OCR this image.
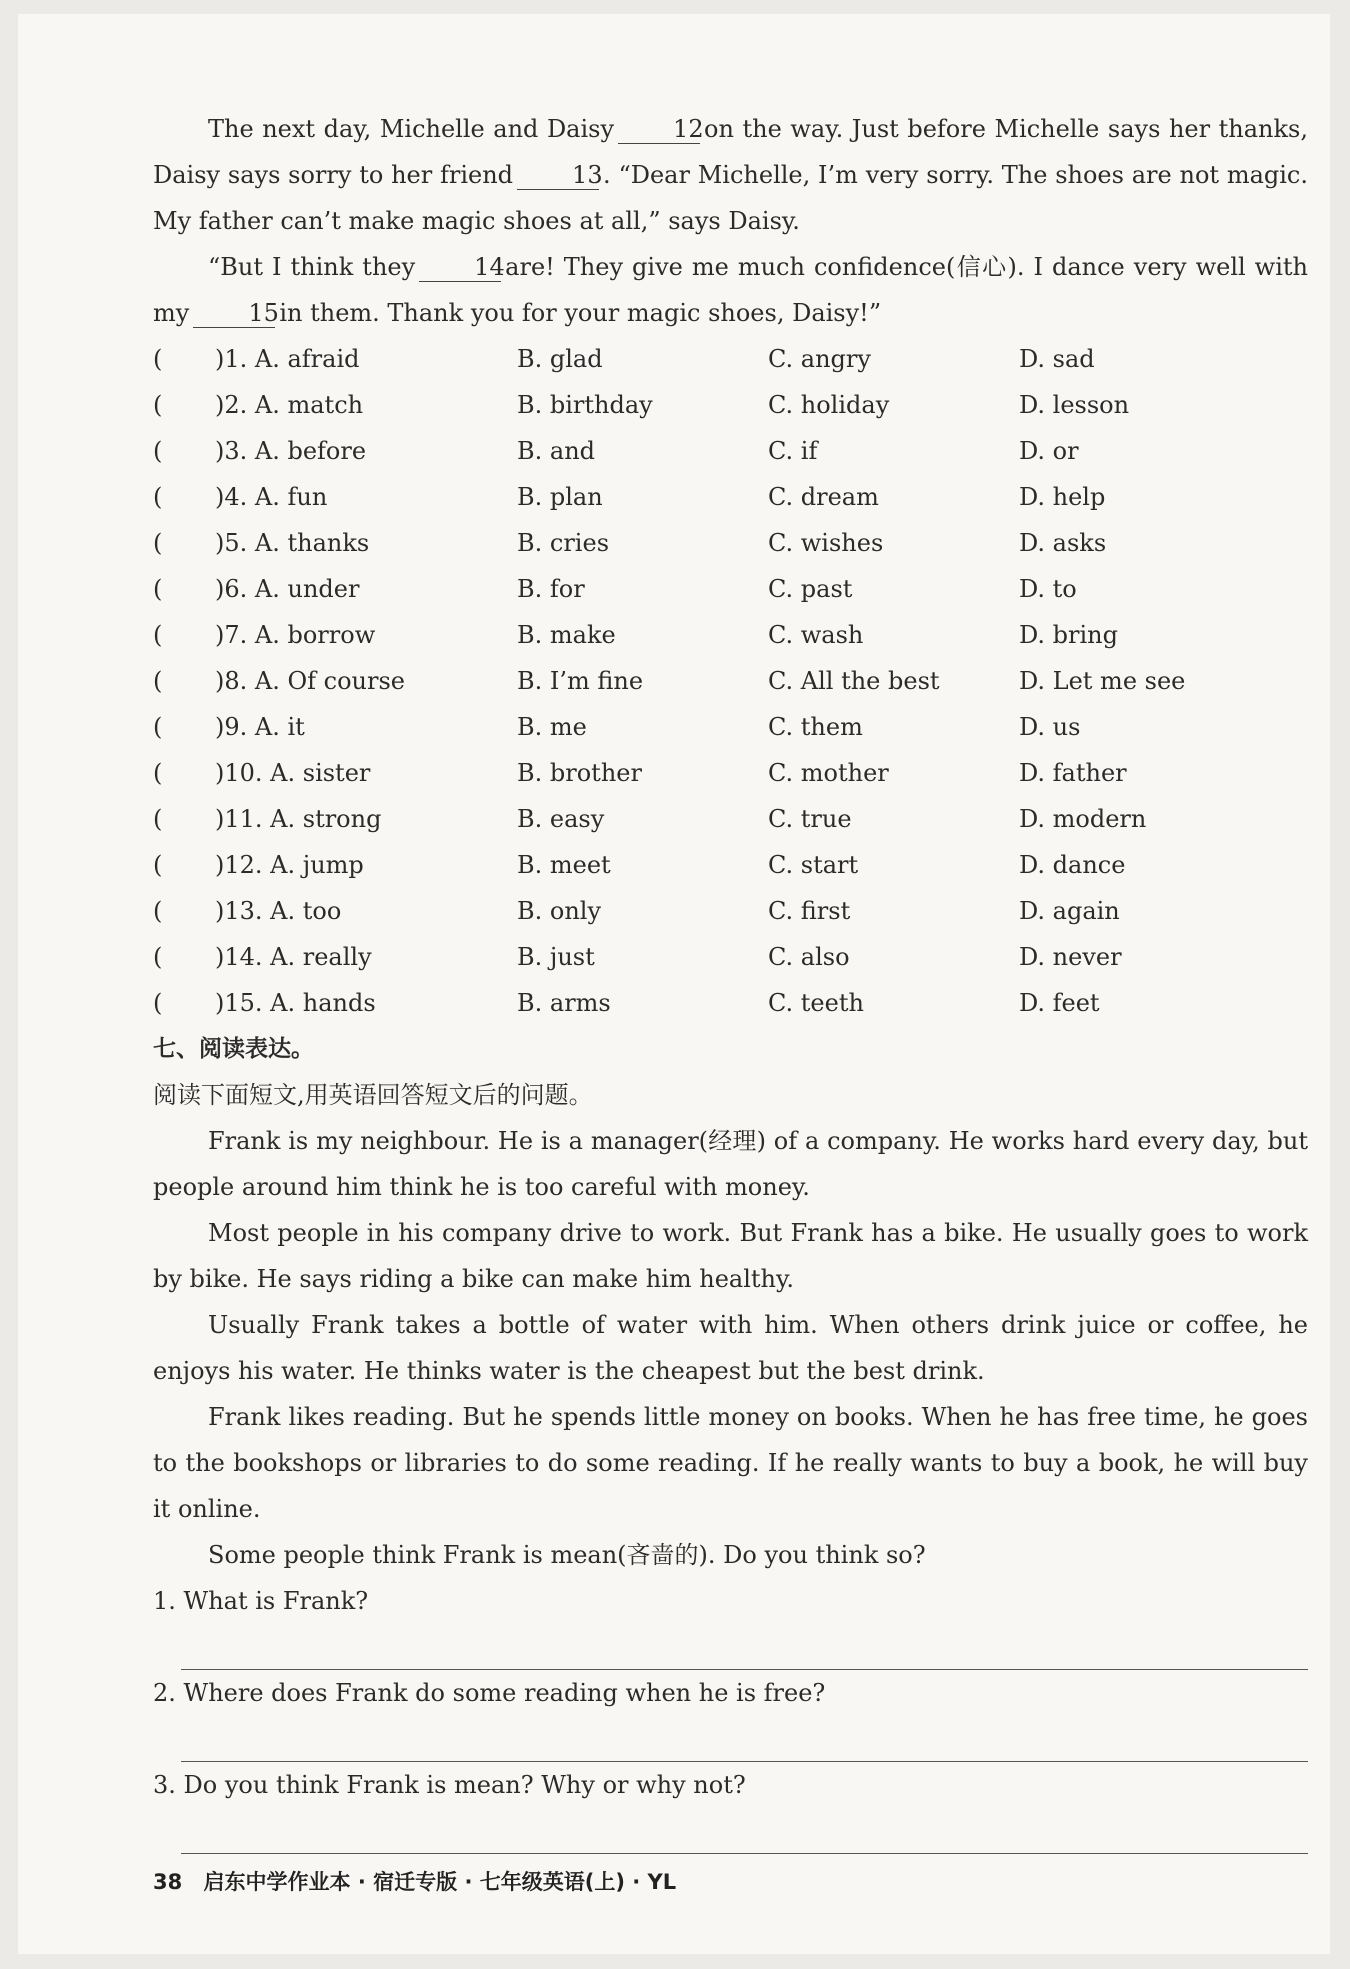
The next day, Michelle and Daisy 12on the way. Just before Michelle says her thanks, Daisy says sorry to her friend 13. “Dear Michelle, I’m very sorry. The shoes are not magic. My father can’t make magic shoes at all,” says Daisy.

“But I think they 14are! They give me much confidence(信心). I dance very well with my 15in them. Thank you for your magic shoes, Daisy!”

( )1. A. afraid	B. glad	C. angry	D. sad
( )2. A. match	B. birthday	C. holiday	D. lesson
( )3. A. before	B. and	C. if	D. or
( )4. A. fun	B. plan	C. dream	D. help
( )5. A. thanks	B. cries	C. wishes	D. asks
( )6. A. under	B. for	C. past	D. to
( )7. A. borrow	B. make	C. wash	D. bring
( )8. A. Of course	B. I’m fine	C. All the best	D. Let me see
( )9. A. it	B. me	C. them	D. us
( )10. A. sister	B. brother	C. mother	D. father
( )11. A. strong	B. easy	C. true	D. modern
( )12. A. jump	B. meet	C. start	D. dance
( )13. A. too	B. only	C. first	D. again
( )14. A. really	B. just	C. also	D. never
( )15. A. hands	B. arms	C. teeth	D. feet

七、阅读表达。

阅读下面短文,用英语回答短文后的问题。

Frank is my neighbour. He is a manager(经理) of a company. He works hard every day, but people around him think he is too careful with money.

Most people in his company drive to work. But Frank has a bike. He usually goes to work by bike. He says riding a bike can make him healthy.

Usually Frank takes a bottle of water with him. When others drink juice or coffee, he enjoys his water. He thinks water is the cheapest but the best drink.

Frank likes reading. But he spends little money on books. When he has free time, he goes to the bookshops or libraries to do some reading. If he really wants to buy a book, he will buy it online.

Some people think Frank is mean(吝啬的). Do you think so?

1. What is Frank?

2. Where does Frank do some reading when he is free?

3. Do you think Frank is mean? Why or why not?

38 启东中学作业本 · 宿迁专版 · 七年级英语(上) · YL
